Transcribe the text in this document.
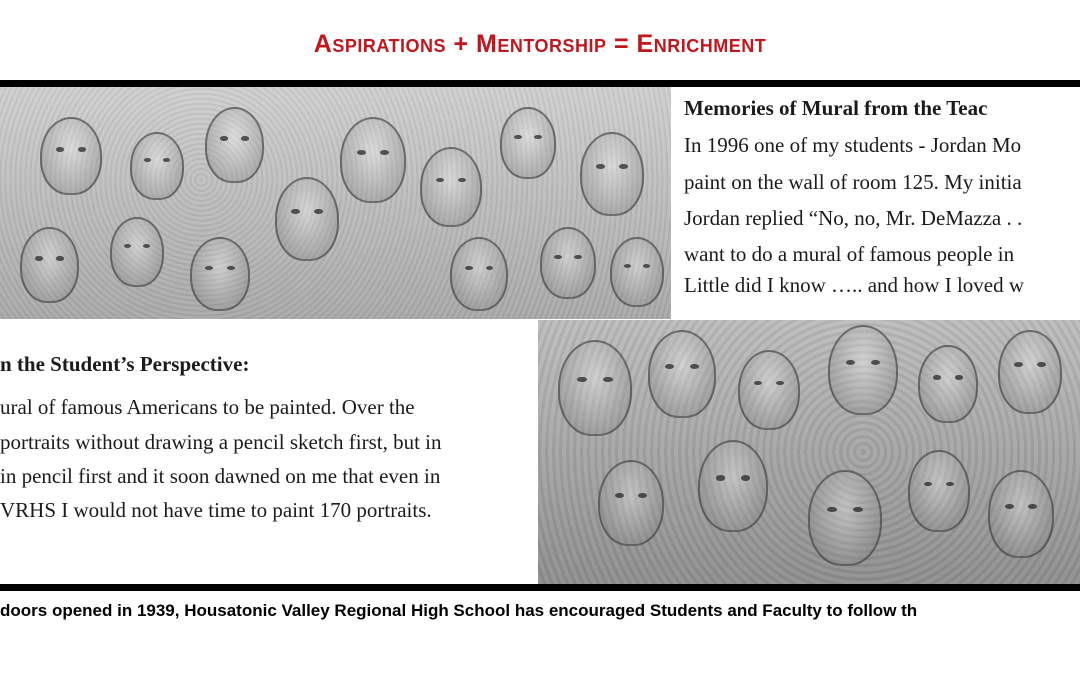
Aspirations + Mentorship = Enrichment
Memories of Mural from the Teac
In 1996 one of my students - Jordan Mo
paint on the wall of room 125. My initia
Jordan replied “No, no, Mr. DeMazza . .
want to do a mural of famous people in
Little did I know ….. and how I loved w
n the Student’s Perspective:
ural of famous Americans to be painted. Over the
portraits without drawing a pencil sketch first, but in
in pencil first and it soon dawned on me that even in
VRHS I would not have time to paint 170 portraits.
doors opened in 1939, Housatonic Valley Regional High School has encouraged Students and Faculty to follow th
